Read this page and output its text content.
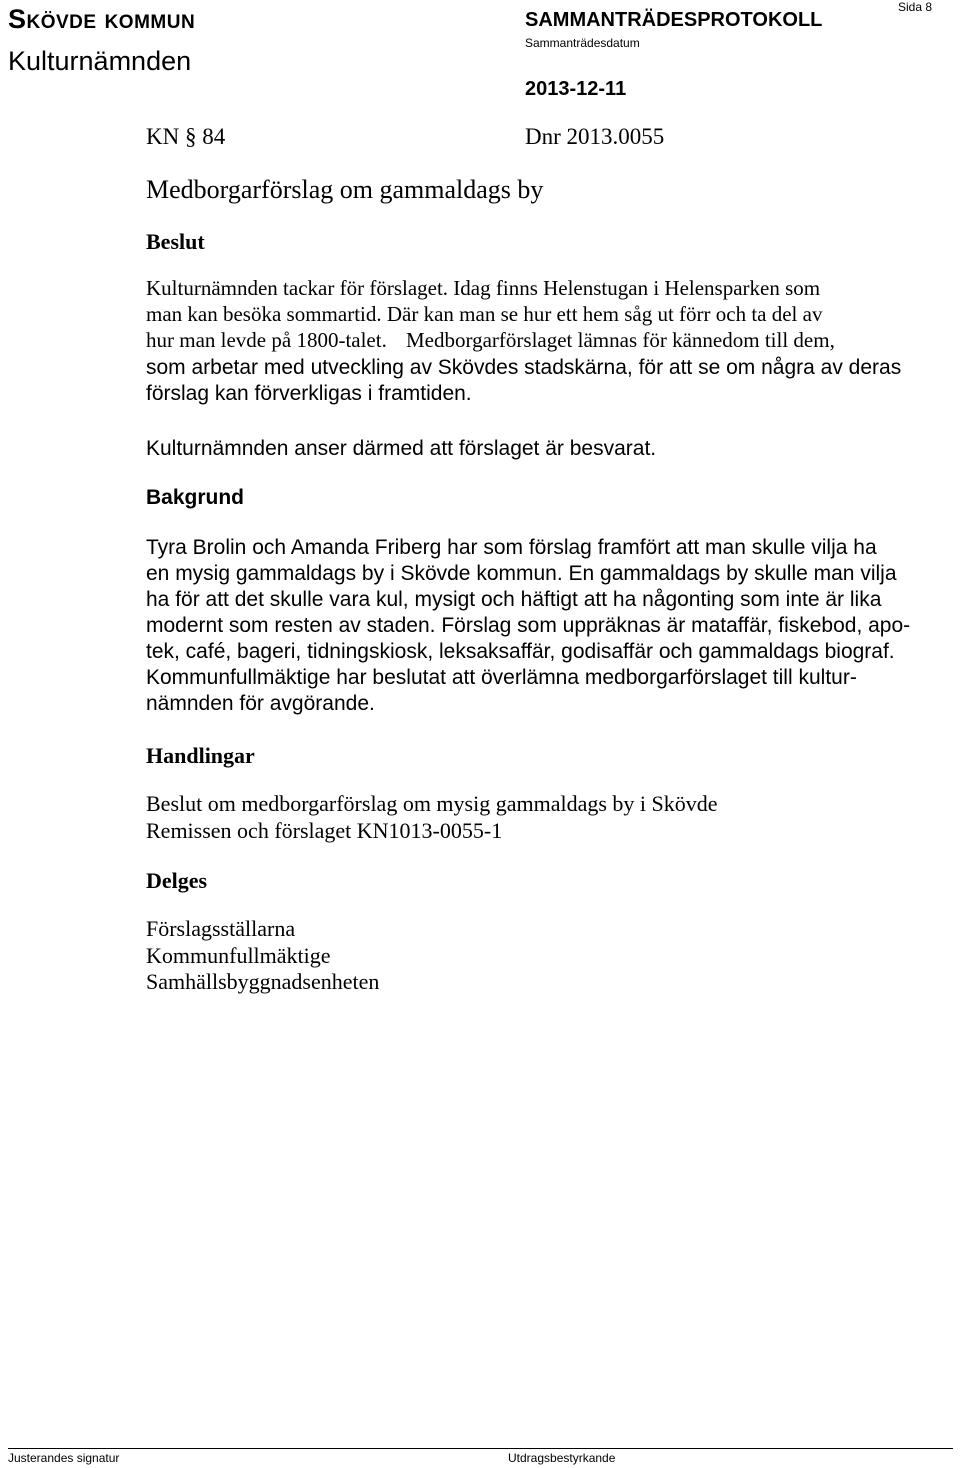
Skövde kommun
Kulturnämnden
SAMMANTRÄDESPROTOKOLL
Sammanträdesdatum
2013-12-11
Sida 8
KN § 84	Dnr 2013.0055
Medborgarförslag om gammaldags by
Beslut
Kulturnämnden tackar för förslaget. Idag finns Helenstugan i Helensparken som
man kan besöka sommartid. Där kan man se hur ett hem såg ut förr och ta del av
hur man levde på 1800-talet. Medborgarförslaget lämnas för kännedom till dem,
som arbetar med utveckling av Skövdes stadskärna, för att se om några av deras
förslag kan förverkligas i framtiden.
Kulturnämnden anser därmed att förslaget är besvarat.
Bakgrund
Tyra Brolin och Amanda Friberg har som förslag framfört att man skulle vilja ha
en mysig gammaldags by i Skövde kommun. En gammaldags by skulle man vilja
ha för att det skulle vara kul, mysigt och häftigt att ha någonting som inte är lika
modernt som resten av staden. Förslag som uppräknas är mataffär, fiskebod, apo-
tek, café, bageri, tidningskiosk, leksaksaffär, godisaffär och gammaldags biograf.
Kommunfullmäktige har beslutat att överlämna medborgarförslaget till kultur-
nämnden för avgörande.
Handlingar
Beslut om medborgarförslag om mysig gammaldags by i Skövde
Remissen och förslaget KN1013-0055-1
Delges
Förslagsställarna
Kommunfullmäktige
Samhällsbyggnadsenheten
Justerandes signatur	Utdragsbestyrkande
